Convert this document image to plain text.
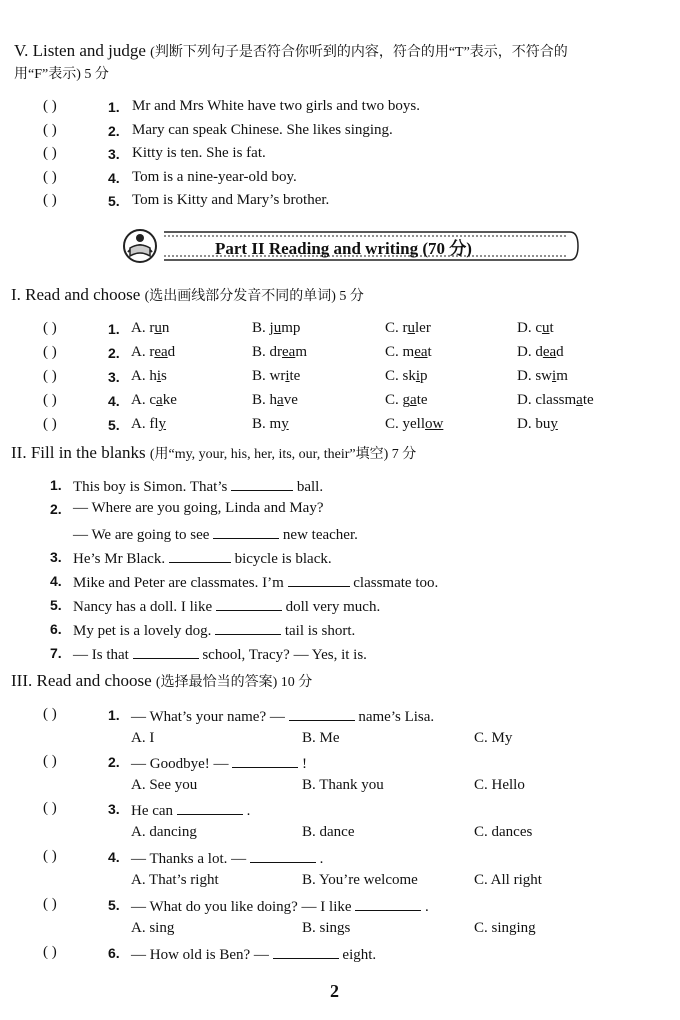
V. Listen and judge (判断下列句子是否符合你听到的内容，符合的用“T”表示，不符合的
用“F”表示) 5 分
( )	1. Mr and Mrs White have two girls and two boys.
( )	2. Mary can speak Chinese. She likes singing.
( )	3. Kitty is ten. She is fat.
( )	4. Tom is a nine-year-old boy.
( )	5. Tom is Kitty and Mary’s brother.
Part II Reading and writing (70 分)
I. Read and choose (选出画线部分发音不同的单词) 5 分
( )	1. A. run	B. jump	C. ruler	D. cut
( )	2. A. read	B. dream	C. meat	D. dead
( )	3. A. his	B. write	C. skip	D. swim
( )	4. A. cake	B. have	C. gate	D. classmate
( )	5. A. fly	B. my	C. yellow	D. buy
II. Fill in the blanks (用“my, your, his, her, its, our, their”填空) 7 分
1. This boy is Simon. That’s	ball.
2. — Where are you going, Linda and May?
— We are going to see	new teacher.
3. He’s Mr Black.	bicycle is black.
4. Mike and Peter are classmates. I’m	classmate too.
5. Nancy has a doll. I like	doll very much.
6. My pet is a lovely dog.	tail is short.
7. — Is that	school, Tracy? — Yes, it is.
III. Read and choose (选择最恰当的答案) 10 分
( )	1. — What’s your name? —	name’s Lisa.
A. I	B. Me	C. My
( )	2. — Goodbye! —	!
A. See you	B. Thank you	C. Hello
( )	3. He can	.
A. dancing	B. dance	C. dances
( )	4. — Thanks a lot. —	.
A. That’s right	B. You’re welcome	C. All right
( )	5. — What do you like doing? — I like	.
A. sing	B. sings	C. singing
( )	6. — How old is Ben? —	eight.
2
